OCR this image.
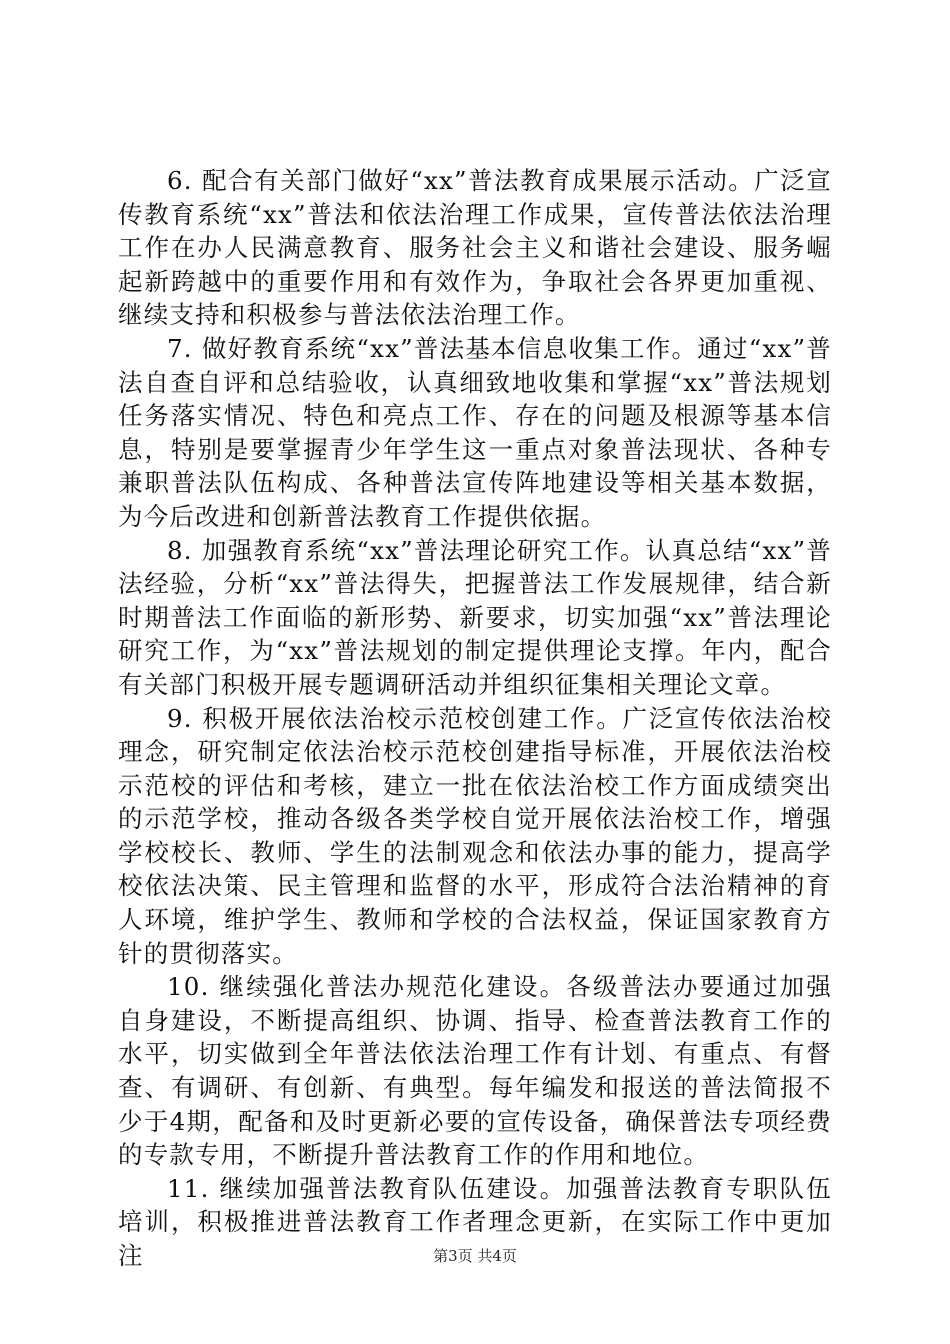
6. 配合有关部门做好“xx”普法教育成果展示活动。广泛宣传教育系统“xx”普法和依法治理工作成果，宣传普法依法治理工作在办人民满意教育、服务社会主义和谐社会建设、服务崛起新跨越中的重要作用和有效作为，争取社会各界更加重视、继续支持和积极参与普法依法治理工作。

7. 做好教育系统“xx”普法基本信息收集工作。通过“xx”普法自查自评和总结验收，认真细致地收集和掌握“xx”普法规划任务落实情况、特色和亮点工作、存在的问题及根源等基本信息，特别是要掌握青少年学生这一重点对象普法现状、各种专兼职普法队伍构成、各种普法宣传阵地建设等相关基本数据，为今后改进和创新普法教育工作提供依据。

8. 加强教育系统“xx”普法理论研究工作。认真总结“xx”普法经验，分析“xx”普法得失，把握普法工作发展规律，结合新时期普法工作面临的新形势、新要求，切实加强“xx”普法理论研究工作，为“xx”普法规划的制定提供理论支撑。年内，配合有关部门积极开展专题调研活动并组织征集相关理论文章。

9. 积极开展依法治校示范校创建工作。广泛宣传依法治校理念，研究制定依法治校示范校创建指导标准，开展依法治校示范校的评估和考核，建立一批在依法治校工作方面成绩突出的示范学校，推动各级各类学校自觉开展依法治校工作，增强学校校长、教师、学生的法制观念和依法办事的能力，提高学校依法决策、民主管理和监督的水平，形成符合法治精神的育人环境，维护学生、教师和学校的合法权益，保证国家教育方针的贯彻落实。

10. 继续强化普法办规范化建设。各级普法办要通过加强自身建设，不断提高组织、协调、指导、检查普法教育工作的水平，切实做到全年普法依法治理工作有计划、有重点、有督查、有调研、有创新、有典型。每年编发和报送的普法简报不少于4期，配备和及时更新必要的宣传设备，确保普法专项经费的专款专用，不断提升普法教育工作的作用和地位。

11. 继续加强普法教育队伍建设。加强普法教育专职队伍培训，积极推进普法教育工作者理念更新，在实际工作中更加注	第3页 共4页
